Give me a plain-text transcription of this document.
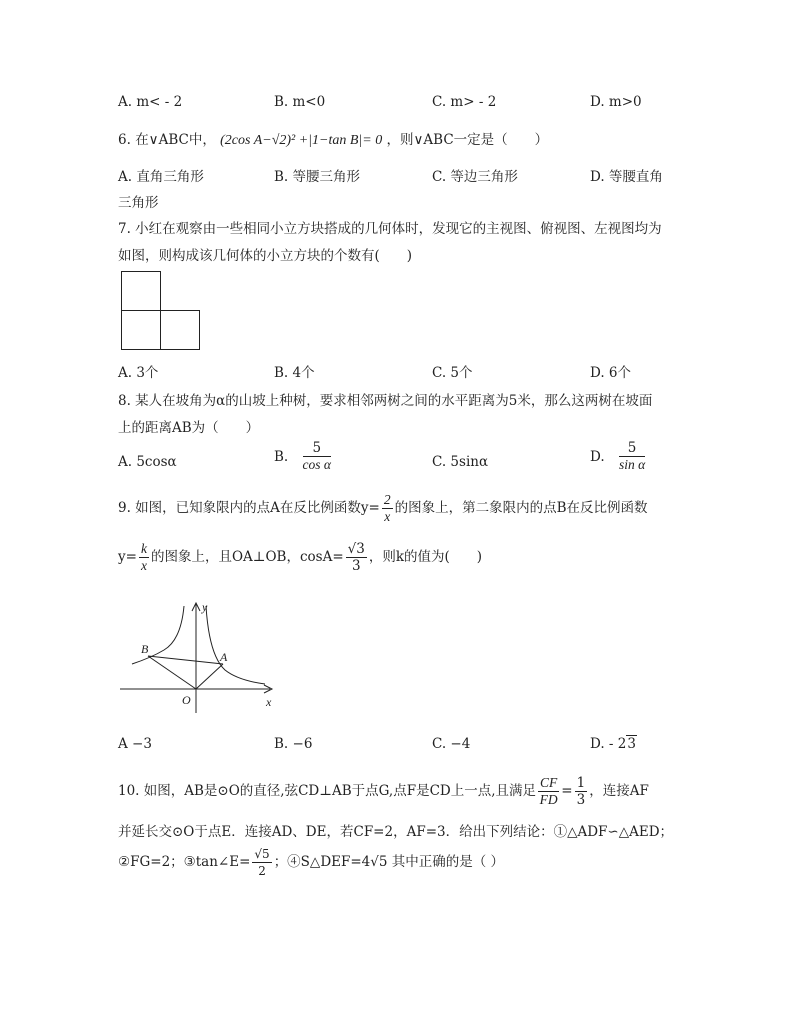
A. m< - 2	B. m<0	C. m> - 2	D. m>0
6. 在∨ABC中， (2cos A−√2)² +|1−tan B|= 0 ，则∨ABC一定是（　　）
A. 直角三角形	B. 等腰三角形	C. 等边三角形	D. 等腰直角
三角形
7. 小红在观察由一些相同小立方块搭成的几何体时，发现它的主视图、俯视图、左视图均为
如图，则构成该几何体的小立方块的个数有(　　)
A. 3个	B. 4个	C. 5个	D. 6个
8. 某人在坡角为α的山坡上种树，要求相邻两树之间的水平距离为5米，那么这两树在坡面
上的距离AB为（　　）
A. 5cosα	B. $\frac{5}{\text{cos α}}$	C. 5sinα	D. $\frac{5}{\text{sin α}}$
9. 如图，已知象限内的点A在反比例函数$y= \frac{2}{x}$ 的图象上，第二象限内的点B在反比例函数
$y= \frac{k}{x}$ 的图象上，且OA⊥OB，$\cos A= \frac{√3}{3}$ ，则k的值为(　　)
y
x
O
A
B
A −3	B. −6	C. −4	D. - 23
10. 如图，AB是⊙O的直径,弦CD⊥AB于点G,点F是CD上一点,且满足 $\frac{CF}{FD} = \frac{1}{3}$ ，连接AF
并延长交⊙O于点E．连接AD、DE，若CF=2，AF=3．给出下列结论：①△ADF∽△AED；
②FG=2；③tan∠E= $\frac{√5}{2}$ ；④S△DEF=4√5 其中正确的是（ ）
